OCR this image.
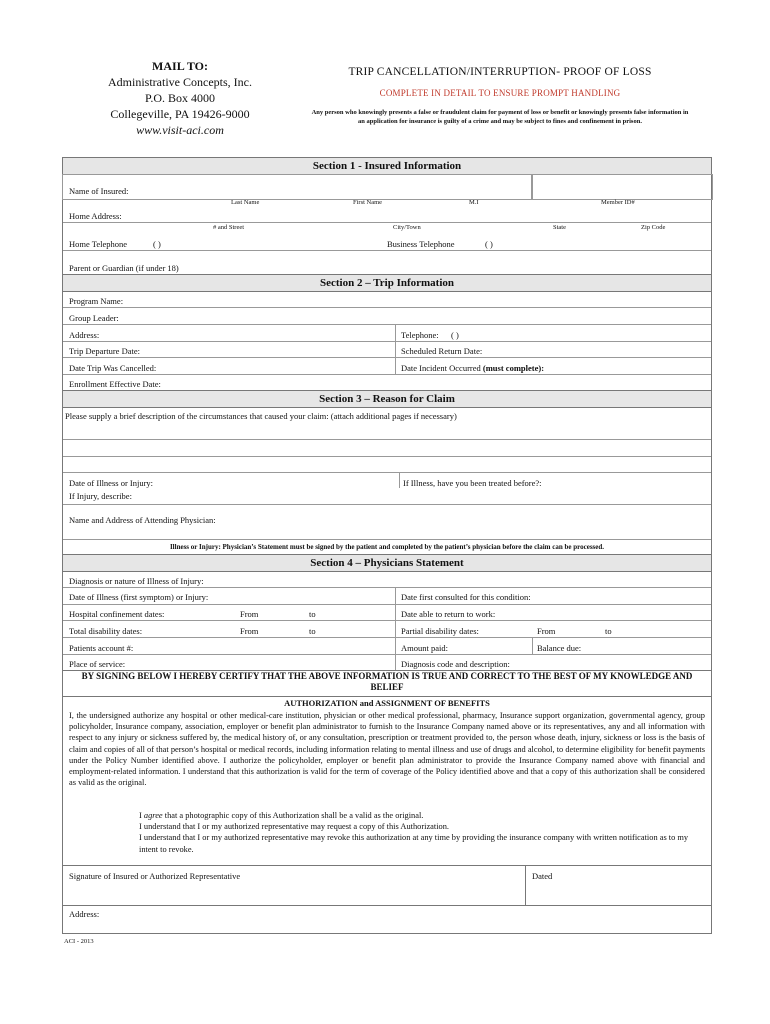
MAIL TO:
Administrative Concepts, Inc.
P.O. Box 4000
Collegeville, PA 19426-9000
www.visit-aci.com
TRIP CANCELLATION/INTERRUPTION- PROOF OF LOSS
COMPLETE IN DETAIL TO ENSURE PROMPT HANDLING
Any person who knowingly presents a false or fraudulent claim for payment of loss or benefit or knowingly presents false information in an application for insurance is guilty of a crime and may be subject to fines and confinement in prison.
Section 1 - Insured Information
Name of Insured:
Last Name	First Name	M.I	Member ID#
Home Address:
# and Street	City/Town	State	Zip Code
Home Telephone	( )	Business Telephone	( )
Parent or Guardian (if under 18)
Section 2 – Trip Information
Program Name:
Group Leader:
Address:	Telephone: ( )
Trip Departure Date:	Scheduled Return Date:
Date Trip Was Cancelled:	Date Incident Occurred (must complete):
Enrollment Effective Date:
Section 3 – Reason for Claim
Please supply a brief description of the circumstances that caused your claim: (attach additional pages if necessary)
Date of Illness or Injury:	If Illness, have you been treated before?:
If Injury, describe:
Name and Address of Attending Physician:
Illness or Injury: Physician’s Statement must be signed by the patient and completed by the patient’s physician before the claim can be processed.
Section 4 – Physicians Statement
Diagnosis or nature of Illness of Injury:
Date of Illness (first symptom) or Injury:	Date first consulted for this condition:
Hospital confinement dates:	From	to	Date able to return to work:
Total disability dates:	From	to	Partial disability dates:	From	to
Patients account #:	Amount paid:	Balance due:
Place of service:	Diagnosis code and description:
BY SIGNING BELOW I HEREBY CERTIFY THAT THE ABOVE INFORMATION IS TRUE AND CORRECT TO THE BEST OF MY KNOWLEDGE AND BELIEF
AUTHORIZATION and ASSIGNMENT OF BENEFITS
I, the undersigned authorize any hospital or other medical-care institution, physician or other medical professional, pharmacy, Insurance support organization, governmental agency, group policyholder, Insurance company, association, employer or benefit plan administrator to furnish to the Insurance Company named above or its representatives, any and all information with respect to any injury or sickness suffered by, the medical history of, or any consultation, prescription or treatment provided to, the person whose death, injury, sickness or loss is the basis of claim and copies of all of that person’s hospital or medical records, including information relating to mental illness and use of drugs and alcohol, to determine eligibility for benefit payments under the Policy Number identified above. I authorize the policyholder, employer or benefit plan administrator to provide the Insurance Company named above with financial and employment-related information. I understand that this authorization is valid for the term of coverage of the Policy identified above and that a copy of this authorization shall be considered as valid as the original.
I agree that a photographic copy of this Authorization shall be a valid as the original.
I understand that I or my authorized representative may request a copy of this Authorization.
I understand that I or my authorized representative may revoke this authorization at any time by providing the insurance company with written notification as to my intent to revoke.
Signature of Insured or Authorized Representative	Dated
Address:
ACI - 2013
